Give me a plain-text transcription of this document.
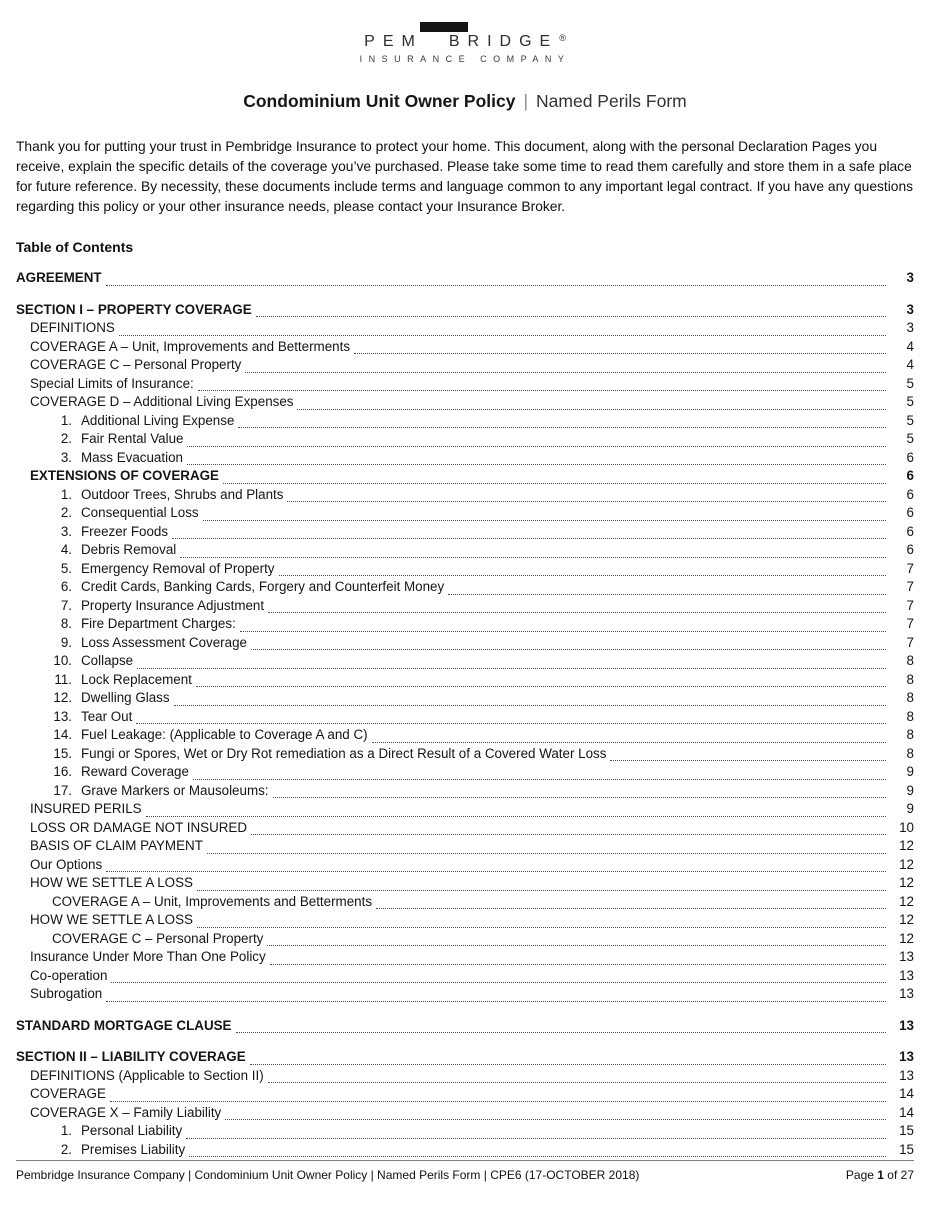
PEM BRIDGE®
INSURANCE COMPANY
Condominium Unit Owner Policy | Named Perils Form

Thank you for putting your trust in Pembridge Insurance to protect your home. This document, along with the personal Declaration Pages you receive, explain the specific details of the coverage you’ve purchased. Please take some time to read them carefully and store them in a safe place for future reference. By necessity, these documents include terms and language common to any important legal contract. If you have any questions regarding this policy or your other insurance needs, please contact your Insurance Broker.

Table of Contents
AGREEMENT	3
SECTION I – PROPERTY COVERAGE	3
DEFINITIONS	3
COVERAGE A – Unit, Improvements and Betterments	4
COVERAGE C – Personal Property	4
Special Limits of Insurance:	5
COVERAGE D – Additional Living Expenses	5
1. Additional Living Expense	5
2. Fair Rental Value	5
3. Mass Evacuation	6
EXTENSIONS OF COVERAGE	6
1. Outdoor Trees, Shrubs and Plants	6
2. Consequential Loss	6
3. Freezer Foods	6
4. Debris Removal	6
5. Emergency Removal of Property	7
6. Credit Cards, Banking Cards, Forgery and Counterfeit Money	7
7. Property Insurance Adjustment	7
8. Fire Department Charges:	7
9. Loss Assessment Coverage	7
10. Collapse	8
11. Lock Replacement	8
12. Dwelling Glass	8
13. Tear Out	8
14. Fuel Leakage: (Applicable to Coverage A and C)	8
15. Fungi or Spores, Wet or Dry Rot remediation as a Direct Result of a Covered Water Loss	8
16. Reward Coverage	9
17. Grave Markers or Mausoleums:	9
INSURED PERILS	9
LOSS OR DAMAGE NOT INSURED	10
BASIS OF CLAIM PAYMENT	12
Our Options	12
HOW WE SETTLE A LOSS	12
COVERAGE A – Unit, Improvements and Betterments	12
HOW WE SETTLE A LOSS	12
COVERAGE C – Personal Property	12
Insurance Under More Than One Policy	13
Co-operation	13
Subrogation	13
STANDARD MORTGAGE CLAUSE	13
SECTION II – LIABILITY COVERAGE	13
DEFINITIONS (Applicable to Section II)	13
COVERAGE	14
COVERAGE X – Family Liability	14
1. Personal Liability	15
2. Premises Liability	15
Pembridge Insurance Company | Condominium Unit Owner Policy | Named Perils Form | CPE6 (17-OCTOBER 2018)	Page 1 of 27
